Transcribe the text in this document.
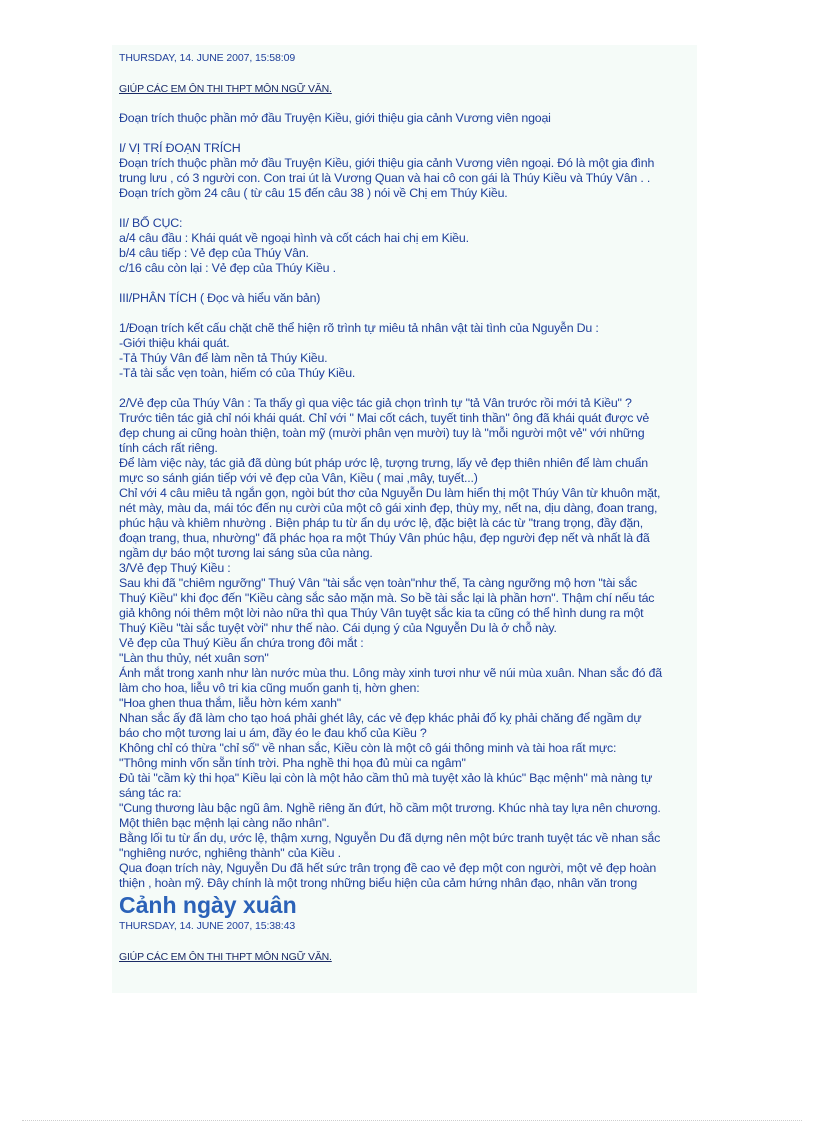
THURSDAY, 14. JUNE 2007, 15:58:09

GIÚP CÁC EM ÔN THI THPT MÔN NGỮ VĂN.

Đoạn trích thuộc phần mở đầu Truyện Kiều, giới thiệu gia cảnh Vương viên ngoại

I/ VỊ TRÍ ĐOẠN TRÍCH

Đoạn trích thuộc phần mở đầu Truyện Kiều, giới thiệu gia cảnh Vương viên ngoại. Đó là một gia đình

trung lưu , có 3 người con. Con trai út là Vương Quan và hai cô con gái là Thúy Kiều và Thúy Vân . .

Đoạn trích gồm 24 câu ( từ câu 15 đến câu 38 ) nói về Chị em Thúy Kiều.

II/ BỐ CỤC:

a/4 câu đầu : Khái quát về ngoại hình và cốt cách hai chị em Kiều.

b/4 câu tiếp : Vẻ đẹp của Thúy Vân.

c/16 câu còn lại : Vẻ đẹp của Thúy Kiều .

III/PHÂN TÍCH ( Đọc và hiểu văn bản)

1/Đoạn trích kết cấu chặt chẽ thể hiện rõ trình tự miêu tả nhân vật tài tình của Nguyễn Du :

-Giới thiệu khái quát.

-Tả Thúy Vân để làm nền tả Thúy Kiều.

-Tả tài sắc vẹn toàn, hiếm có của Thúy Kiều.

2/Vẻ đẹp của Thúy Vân : Ta thấy gì qua việc tác giả chọn trình tự "tả Vân trước rồi mới tả Kiều" ?

Trước tiên tác giả chỉ nói khái quát. Chỉ với " Mai cốt cách, tuyết tinh thần" ông đã khái quát được vẻ

đẹp chung ai cũng hoàn thiện, toàn mỹ (mười phân vẹn mười) tuy là "mỗi người một vẻ" với những

tính cách rất riêng.

Để làm việc này, tác giả đã dùng bút pháp ước lệ, tượng trưng, lấy vẻ đẹp thiên nhiên để làm chuẩn

mực so sánh gián tiếp với vẻ đẹp của Vân, Kiều ( mai ,mây, tuyết...)

Chỉ với 4 câu miêu tả ngắn gọn, ngòi bút thơ của Nguyễn Du làm hiển thị một Thúy Vân từ khuôn mặt,

nét mày, màu da, mái tóc đến nụ cười của một cô gái xinh đẹp, thùy mỵ, nết na, dịu dàng, đoan trang,

phúc hậu và khiêm nhường . Biện pháp tu từ ẩn dụ ước lệ, đặc biệt là các từ "trang trọng, đầy đặn,

đoạn trang, thua, nhường" đã phác họa ra một Thúy Vân phúc hậu, đẹp người đẹp nết và nhất là đã

ngầm dự báo một tương lai sáng sủa của nàng.

3/Vẻ đẹp Thuý Kiều :

Sau khi đã "chiêm ngưỡng" Thuý Vân "tài sắc vẹn toàn"như thế, Ta càng ngưỡng mộ hơn "tài sắc

Thuý Kiều" khi đọc đến "Kiều càng sắc sảo mặn mà. So bề tài sắc lại là phần hơn". Thậm chí nếu tác

giả không nói thêm một lời nào nữa thì qua Thúy Vân tuyệt sắc kia ta cũng có thể hình dung ra một

Thuý Kiều "tài sắc tuyệt vời" như thế nào. Cái dụng ý của Nguyễn Du là ở chỗ này.

Vẻ đẹp của Thuý Kiều ẩn chứa trong đôi mắt :

"Làn thu thủy, nét xuân sơn"

Ánh mắt trong xanh như làn nước mùa thu. Lông mày xinh tươi như vẽ núi mùa xuân. Nhan sắc đó đã

làm cho hoa, liễu vô tri kia cũng muốn ganh tị, hờn ghen:

"Hoa ghen thua thắm, liễu hờn kém xanh"

Nhan sắc ấy đã làm cho tạo hoá phải ghét lây, các vẻ đẹp khác phải đố kỵ phải chăng để ngầm dự

báo cho một tương lai u ám, đầy éo le đau khổ của Kiều ?

Không chỉ có thừa "chỉ số" về nhan sắc, Kiều còn là một cô gái thông minh và tài hoa rất mực:

"Thông minh vốn sẵn tính trời. Pha nghề thi họa đủ mùi ca ngâm"

Đủ tài "cầm kỳ thi họa" Kiều lại còn là một hảo cầm thủ mà tuyệt xảo là khúc" Bạc mệnh" mà nàng tự

sáng tác ra:

"Cung thương làu bậc ngũ âm. Nghề riêng ăn đứt, hồ cầm một trương. Khúc nhà tay lựa nên chương.

Một thiên bạc mệnh lại càng não nhân".

Bằng lối tu từ ẩn dụ, ước lệ, thậm xưng, Nguyễn Du đã dựng nên một bức tranh tuyệt tác về nhan sắc

"nghiêng nước, nghiêng thành" của Kiều .

Qua đoạn trích này, Nguyễn Du đã hết sức trân trọng đề cao vẻ đẹp một con người, một vẻ đẹp hoàn

thiện , hoàn mỹ. Đây chính là một trong những biểu hiện của cảm hứng nhân đạo, nhân văn trong

Cảnh ngày xuân

THURSDAY, 14. JUNE 2007, 15:38:43

GIÚP CÁC EM ÔN THI THPT MÔN NGỮ VĂN.
